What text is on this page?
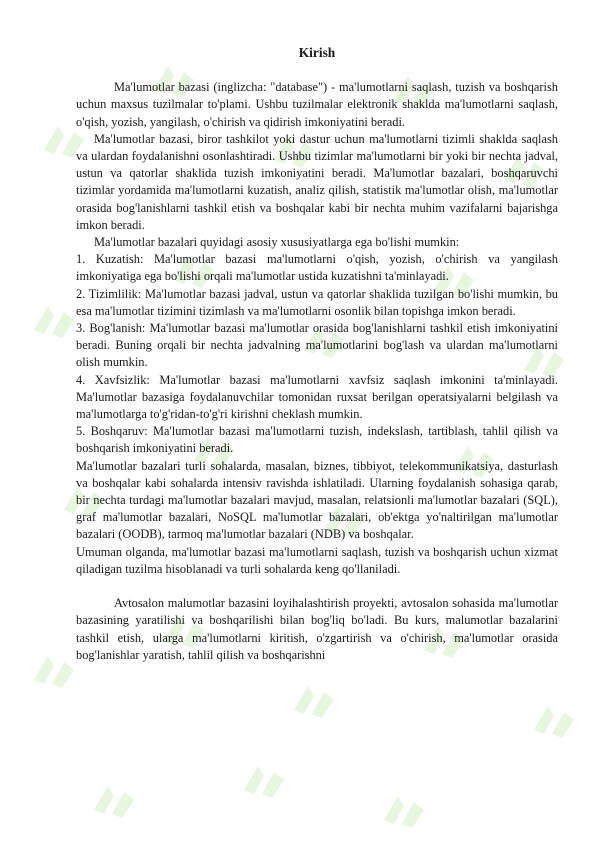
Kirish

Ma'lumotlar bazasi (inglizcha: "database") - ma'lumotlarni saqlash, tuzish va boshqarish uchun maxsus tuzilmalar to'plami. Ushbu tuzilmalar elektronik shaklda ma'lumotlarni saqlash, o'qish, yozish, yangilash, o'chirish va qidirish imkoniyatini beradi.

Ma'lumotlar bazasi, biror tashkilot yoki dastur uchun ma'lumotlarni tizimli shaklda saqlash va ulardan foydalanishni osonlashtiradi. Ushbu tizimlar ma'lumotlarni bir yoki bir nechta jadval, ustun va qatorlar shaklida tuzish imkoniyatini beradi. Ma'lumotlar bazalari, boshqaruvchi tizimlar yordamida ma'lumotlarni kuzatish, analiz qilish, statistik ma'lumotlar olish, ma'lumotlar orasida bog'lanishlarni tashkil etish va boshqalar kabi bir nechta muhim vazifalarni bajarishga imkon beradi.

Ma'lumotlar bazalari quyidagi asosiy xususiyatlarga ega bo'lishi mumkin:

1. Kuzatish: Ma'lumotlar bazasi ma'lumotlarni o'qish, yozish, o'chirish va yangilash imkoniyatiga ega bo'lishi orqali ma'lumotlar ustida kuzatishni ta'minlayadi.

2. Tizimlilik: Ma'lumotlar bazasi jadval, ustun va qatorlar shaklida tuzilgan bo'lishi mumkin, bu esa ma'lumotlar tizimini tizimlash va ma'lumotlarni osonlik bilan topishga imkon beradi.

3. Bog'lanish: Ma'lumotlar bazasi ma'lumotlar orasida bog'lanishlarni tashkil etish imkoniyatini beradi. Buning orqali bir nechta jadvalning ma'lumotlarini bog'lash va ulardan ma'lumotlarni olish mumkin.

4. Xavfsizlik: Ma'lumotlar bazasi ma'lumotlarni xavfsiz saqlash imkonini ta'minlayadi. Ma'lumotlar bazasiga foydalanuvchilar tomonidan ruxsat berilgan operatsiyalarni belgilash va ma'lumotlarga to'g'ridan-to'g'ri kirishni cheklash mumkin.

5. Boshqaruv: Ma'lumotlar bazasi ma'lumotlarni tuzish, indekslash, tartiblash, tahlil qilish va boshqarish imkoniyatini beradi.

Ma'lumotlar bazalari turli sohalarda, masalan, biznes, tibbiyot, telekommunikatsiya, dasturlash va boshqalar kabi sohalarda intensiv ravishda ishlatiladi. Ularning foydalanish sohasiga qarab, bir nechta turdagi ma'lumotlar bazalari mavjud, masalan, relatsionli ma'lumotlar bazalari (SQL), graf ma'lumotlar bazalari, NoSQL ma'lumotlar bazalari, ob'ektga yo'naltirilgan ma'lumotlar bazalari (OODB), tarmoq ma'lumotlar bazalari (NDB) va boshqalar.

Umuman olganda, ma'lumotlar bazasi ma'lumotlarni saqlash, tuzish va boshqarish uchun xizmat qiladigan tuzilma hisoblanadi va turli sohalarda keng qo'llaniladi.

Avtosalon malumotlar bazasini loyihalashtirish proyekti, avtosalon sohasida ma'lumotlar bazasining yaratilishi va boshqarilishi bilan bog'liq bo'ladi. Bu kurs, malumotlar bazalarini tashkil etish, ularga ma'lumotlarni kiritish, o'zgartirish va o'chirish, ma'lumotlar orasida bog'lanishlar yaratish, tahlil qilish va boshqarishni
